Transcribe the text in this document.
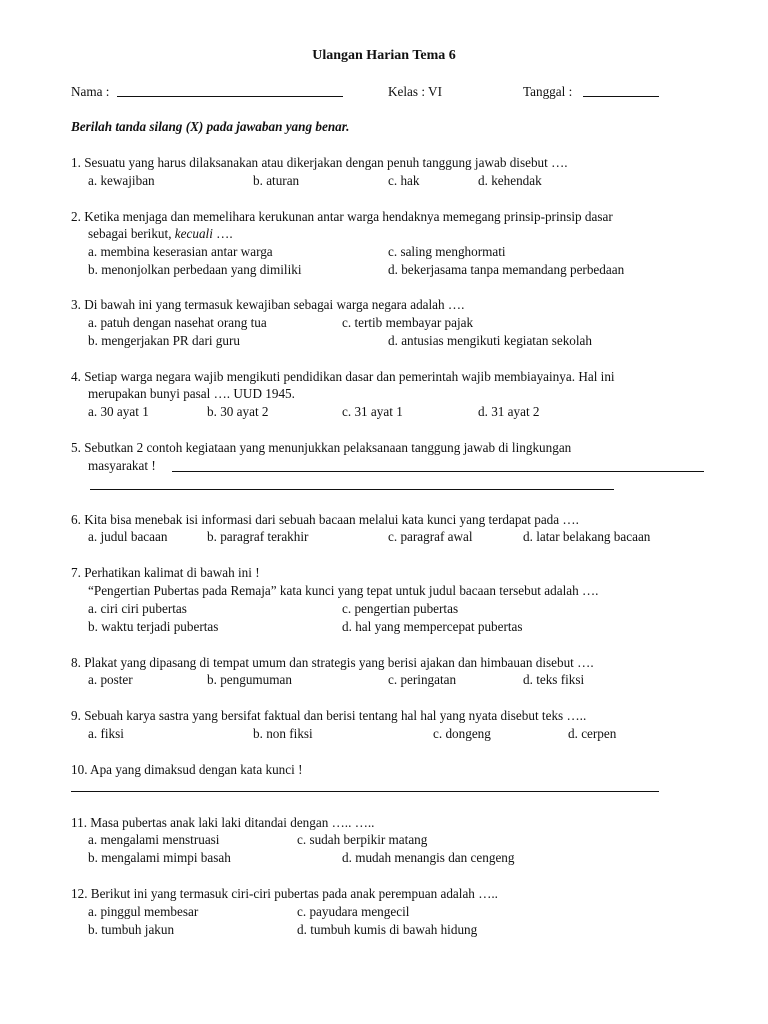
Ulangan Harian Tema 6
Nama :	Kelas : VI	Tanggal :
Berilah tanda silang (X) pada jawaban yang benar.
1. Sesuatu yang harus dilaksanakan atau dikerjakan dengan penuh tanggung jawab disebut ….
a. kewajiban	b. aturan	c. hak	d. kehendak
2. Ketika menjaga dan memelihara kerukunan antar warga hendaknya memegang prinsip-prinsip dasar
sebagai berikut, kecuali ….
a. membina keserasian antar warga	c. saling menghormati
b. menonjolkan perbedaan yang dimiliki	d. bekerjasama tanpa memandang perbedaan
3. Di bawah ini yang termasuk kewajiban sebagai warga negara adalah ….
a. patuh dengan nasehat orang tua	c. tertib membayar pajak
b. mengerjakan PR dari guru	d. antusias mengikuti kegiatan sekolah
4. Setiap warga negara wajib mengikuti pendidikan dasar dan pemerintah wajib membiayainya. Hal ini
merupakan bunyi pasal …. UUD 1945.
a. 30 ayat 1	b. 30 ayat 2	c. 31 ayat 1	d. 31 ayat 2
5. Sebutkan 2 contoh kegiataan yang menunjukkan pelaksanaan tanggung jawab di lingkungan
masyarakat !
6. Kita bisa menebak isi informasi dari sebuah bacaan melalui kata kunci yang terdapat pada ….
a. judul bacaan	b. paragraf terakhir	c. paragraf awal	d. latar belakang bacaan
7. Perhatikan kalimat di bawah ini !
“Pengertian Pubertas pada Remaja” kata kunci yang tepat untuk judul bacaan tersebut adalah ….
a. ciri ciri pubertas	c. pengertian pubertas
b. waktu terjadi pubertas	d. hal yang mempercepat pubertas
8. Plakat yang dipasang di tempat umum dan strategis yang berisi ajakan dan himbauan disebut ….
a. poster	b. pengumuman	c. peringatan	d. teks fiksi
9. Sebuah karya sastra yang bersifat faktual dan berisi tentang hal hal yang nyata disebut teks …..
a. fiksi	b. non fiksi	c. dongeng	d. cerpen
10. Apa yang dimaksud dengan kata kunci !
11. Masa pubertas anak laki laki ditandai dengan ….. …..
a. mengalami menstruasi	c. sudah berpikir matang
b. mengalami mimpi basah	d. mudah menangis dan cengeng
12. Berikut ini yang termasuk ciri-ciri pubertas pada anak perempuan adalah …..
a. pinggul membesar	c. payudara mengecil
b. tumbuh jakun	d. tumbuh kumis di bawah hidung
